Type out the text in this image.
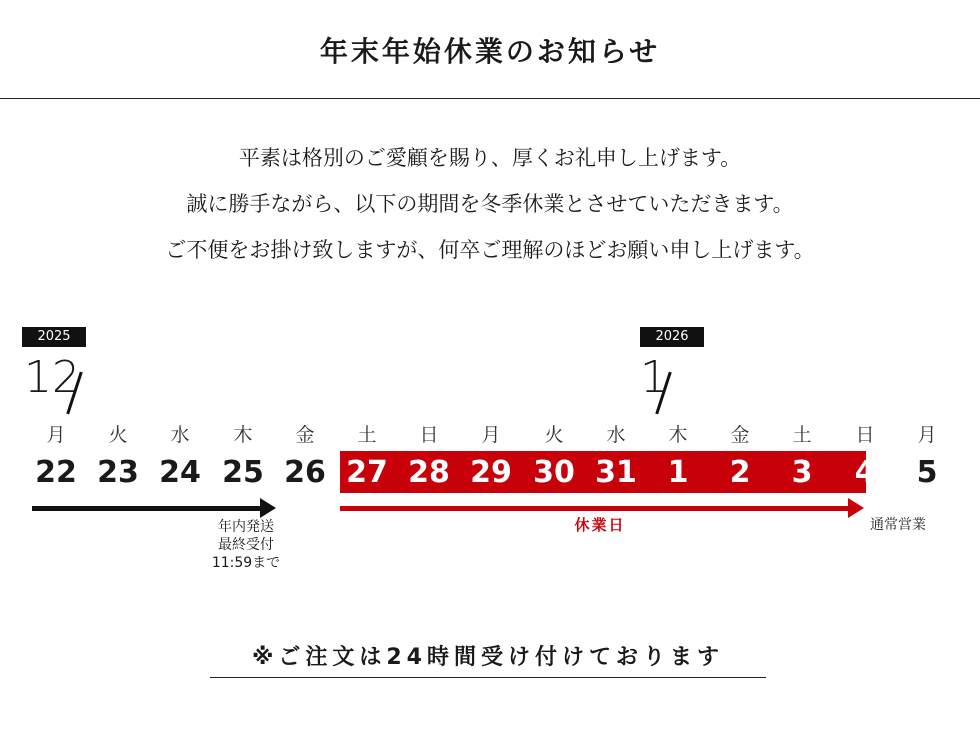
年末年始休業のお知らせ
平素は格別のご愛顧を賜り、厚くお礼申し上げます。
誠に勝手ながら、以下の期間を冬季休業とさせていただきます。
ご不便をお掛け致しますが、何卒ご理解のほどお願い申し上げます。
2025
12
2026
1
月
22
火
23
水
24
木
25
金
26
土
27
日
28
月
29
火
30
水
31
木
1
金
2
土
3
日
4
月
5
年内発送
最終受付
11:59まで
休業日	通常営業
※ご注文は24時間受け付けております
